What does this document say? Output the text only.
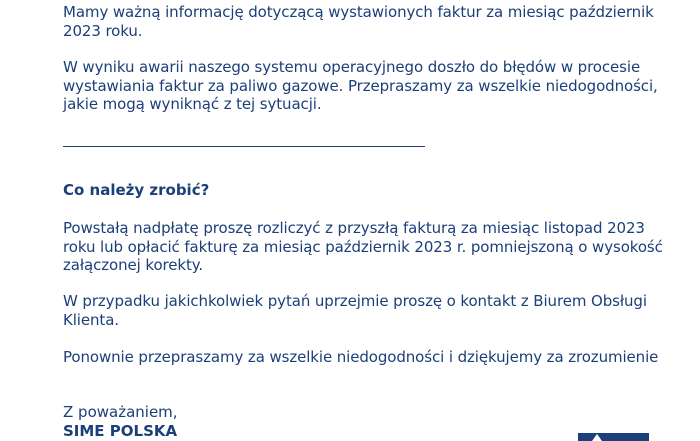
Mamy ważną informację dotyczącą wystawionych faktur za miesiąc październik 2023 roku.

W wyniku awarii naszego systemu operacyjnego doszło do błędów w procesie wystawiania faktur za paliwo gazowe. Przepraszamy za wszelkie niedogodności, jakie mogą wyniknąć z tej sytuacji.

Co należy zrobić?

Powstałą nadpłatę proszę rozliczyć z przyszłą fakturą za miesiąc listopad 2023 roku lub opłacić fakturę za miesiąc październik 2023 r. pomniejszoną o wysokość załączonej korekty.

W przypadku jakichkolwiek pytań uprzejmie proszę o kontakt z Biurem Obsługi Klienta.

Ponownie przepraszamy za wszelkie niedogodności i dziękujemy za zrozumienie

Z poważaniem,
SIME POLSKA
